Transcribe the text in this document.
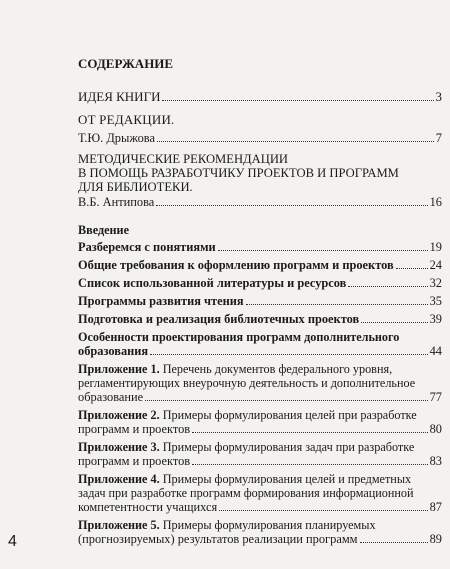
СОДЕРЖАНИЕ
ИДЕЯ КНИГИ	3
ОТ РЕДАКЦИИ.
Т.Ю. Дрыжова	7
МЕТОДИЧЕСКИЕ РЕКОМЕНДАЦИИ
В ПОМОЩЬ РАЗРАБОТЧИКУ ПРОЕКТОВ И ПРОГРАММ
ДЛЯ БИБЛИОТЕКИ.
В.Б. Антипова	16
Введение
Разберемся с понятиями	19
Общие требования к оформлению программ и проектов	24
Список использованной литературы и ресурсов	32
Программы развития чтения	35
Подготовка и реализация библиотечных проектов	39
Особенности проектирования программ дополнительного
образования	44
Приложение 1. Перечень документов федерального уровня,
регламентирующих внеурочную деятельность и дополнительное
образование	77
Приложение 2. Примеры формулирования целей при разработке
программ и проектов	80
Приложение 3. Примеры формулирования задач при разработке
программ и проектов	83
Приложение 4. Примеры формулирования целей и предметных
задач при разработке программ формирования информационной
компетентности учащихся	87
Приложение 5. Примеры формулирования планируемых
(прогнозируемых) результатов реализации программ	89
4
